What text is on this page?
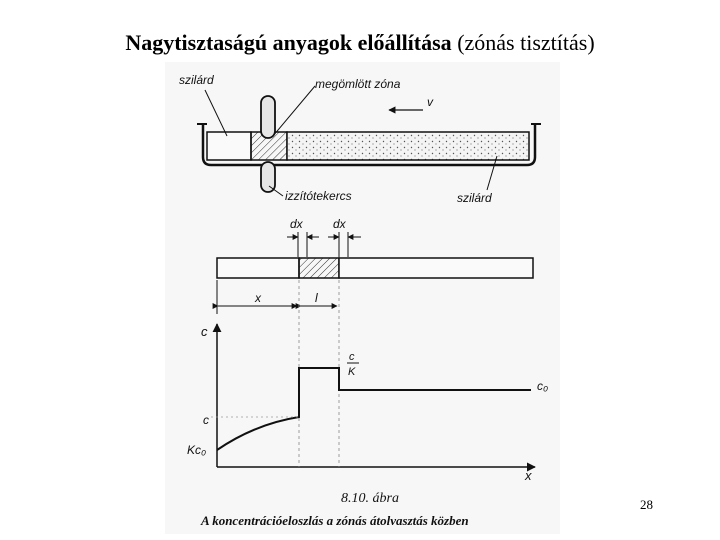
Nagytisztaságú anyagok előállítása (zónás tisztítás)
szilárd	megömlött zóna
v
izzítótekercs	szilárd
dx	dx
x	l
c
x
c
Kc₀
c
K
c₀
8.10. ábra
A koncentrációeloszlás a zónás átolvasztás közben
28
